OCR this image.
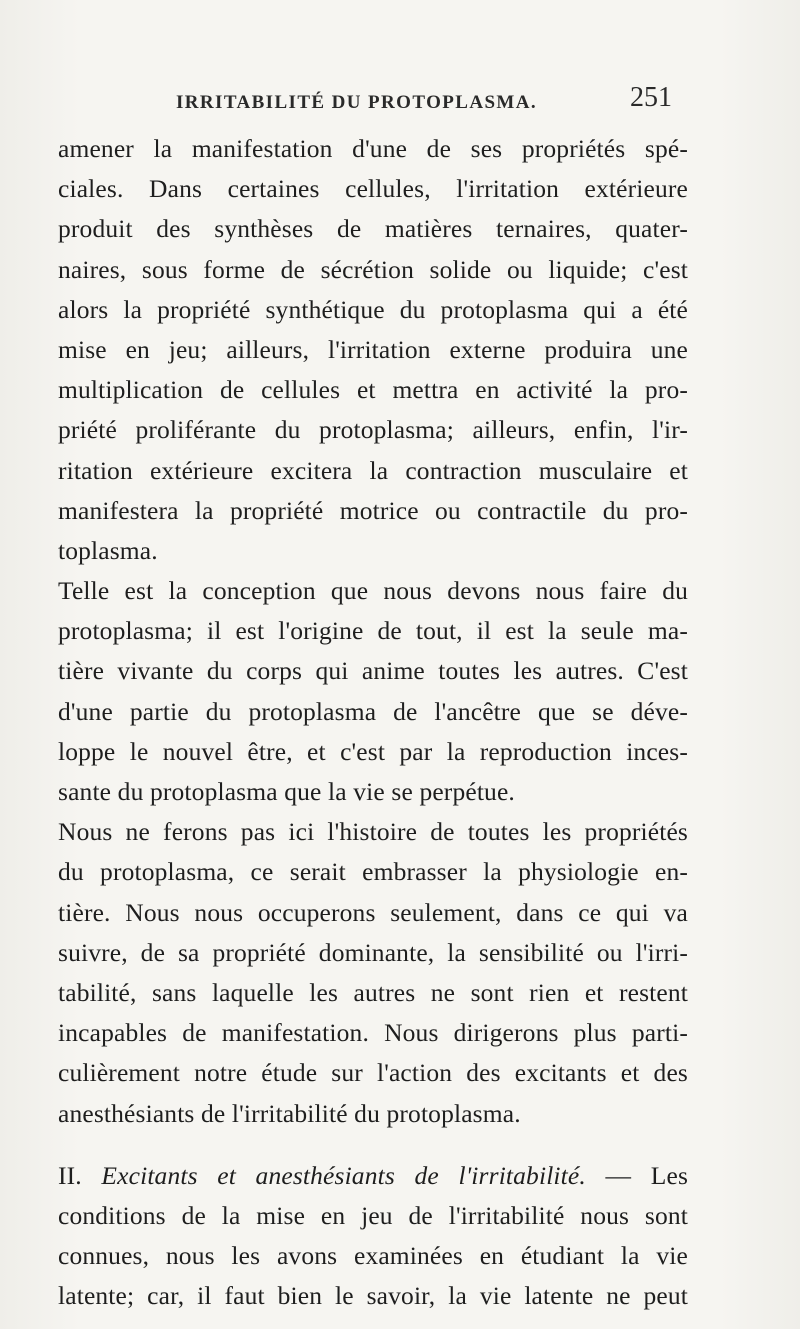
IRRITABILITÉ DU PROTOPLASMA.	251
amener la manifestation d'une de ses propriétés spé-
ciales. Dans certaines cellules, l'irritation extérieure
produit des synthèses de matières ternaires, quater-
naires, sous forme de sécrétion solide ou liquide; c'est
alors la propriété synthétique du protoplasma qui a été
mise en jeu; ailleurs, l'irritation externe produira une
multiplication de cellules et mettra en activité la pro-
priété proliférante du protoplasma; ailleurs, enfin, l'ir-
ritation extérieure excitera la contraction musculaire et
manifestera la propriété motrice ou contractile du pro-
toplasma.
Telle est la conception que nous devons nous faire du
protoplasma; il est l'origine de tout, il est la seule ma-
tière vivante du corps qui anime toutes les autres. C'est
d'une partie du protoplasma de l'ancêtre que se déve-
loppe le nouvel être, et c'est par la reproduction inces-
sante du protoplasma que la vie se perpétue.
Nous ne ferons pas ici l'histoire de toutes les propriétés
du protoplasma, ce serait embrasser la physiologie en-
tière. Nous nous occuperons seulement, dans ce qui va
suivre, de sa propriété dominante, la sensibilité ou l'irri-
tabilité, sans laquelle les autres ne sont rien et restent
incapables de manifestation. Nous dirigerons plus parti-
culièrement notre étude sur l'action des excitants et des
anesthésiants de l'irritabilité du protoplasma.
II. Excitants et anesthésiants de l'irritabilité. — Les
conditions de la mise en jeu de l'irritabilité nous sont
connues, nous les avons examinées en étudiant la vie
latente; car, il faut bien le savoir, la vie latente ne peut
